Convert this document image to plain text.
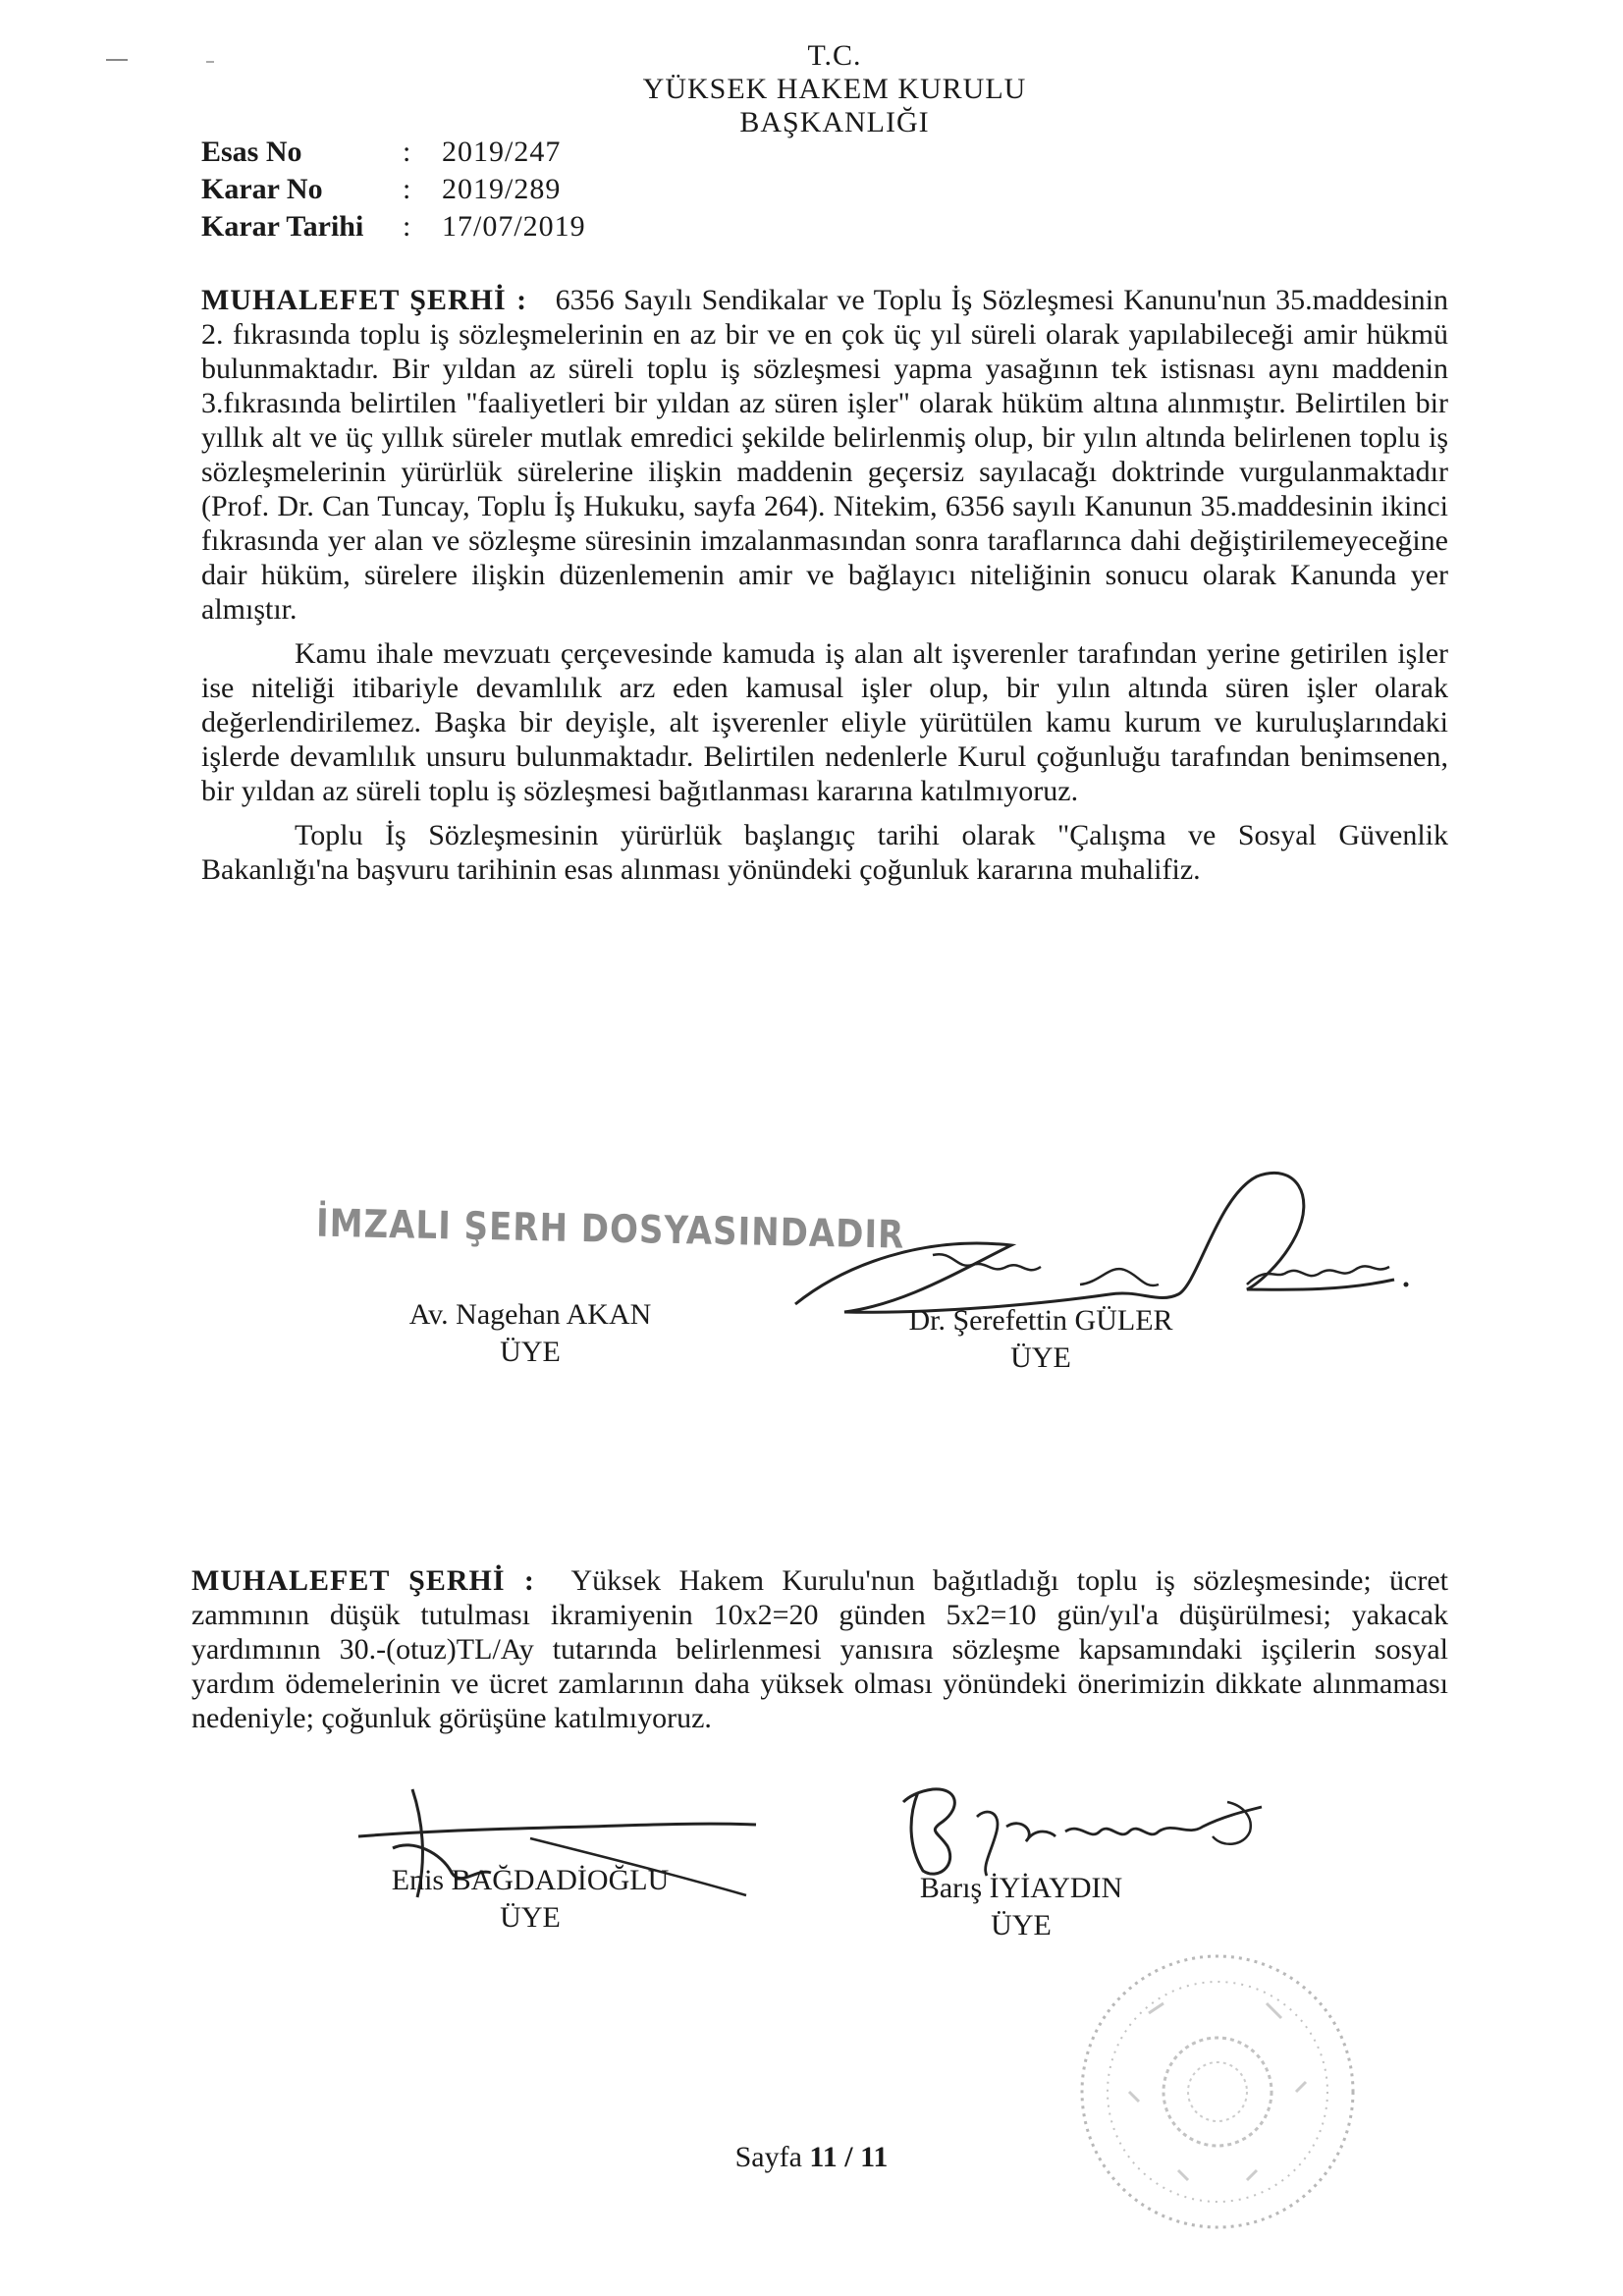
T.C.
YÜKSEK HAKEM KURULU
BAŞKANLIĞI
Esas No	:	2019/247
Karar No	:	2019/289
Karar Tarihi	:	17/07/2019

MUHALEFET ŞERHİ : 6356 Sayılı Sendikalar ve Toplu İş Sözleşmesi Kanunu'nun 35.maddesinin 2. fıkrasında toplu iş sözleşmelerinin en az bir ve en çok üç yıl süreli olarak yapılabileceği amir hükmü bulunmaktadır. Bir yıldan az süreli toplu iş sözleşmesi yapma yasağının tek istisnası aynı maddenin 3.fıkrasında belirtilen "faaliyetleri bir yıldan az süren işler" olarak hüküm altına alınmıştır. Belirtilen bir yıllık alt ve üç yıllık süreler mutlak emredici şekilde belirlenmiş olup, bir yılın altında belirlenen toplu iş sözleşmelerinin yürürlük sürelerine ilişkin maddenin geçersiz sayılacağı doktrinde vurgulanmaktadır (Prof. Dr. Can Tuncay, Toplu İş Hukuku, sayfa 264). Nitekim, 6356 sayılı Kanunun 35.maddesinin ikinci fıkrasında yer alan ve sözleşme süresinin imzalanmasından sonra taraflarınca dahi değiştirilemeyeceğine dair hüküm, sürelere ilişkin düzenlemenin amir ve bağlayıcı niteliğinin sonucu olarak Kanunda yer almıştır.

Kamu ihale mevzuatı çerçevesinde kamuda iş alan alt işverenler tarafından yerine getirilen işler ise niteliği itibariyle devamlılık arz eden kamusal işler olup, bir yılın altında süren işler olarak değerlendirilemez. Başka bir deyişle, alt işverenler eliyle yürütülen kamu kurum ve kuruluşlarındaki işlerde devamlılık unsuru bulunmaktadır. Belirtilen nedenlerle Kurul çoğunluğu tarafından benimsenen, bir yıldan az süreli toplu iş sözleşmesi bağıtlanması kararına katılmıyoruz.

Toplu İş Sözleşmesinin yürürlük başlangıç tarihi olarak "Çalışma ve Sosyal Güvenlik Bakanlığı'na başvuru tarihinin esas alınması yönündeki çoğunluk kararına muhalifiz.

İMZALI ŞERH DOSYASINDADIR
Av. Nagehan AKAN
ÜYE
Dr. Şerefettin GÜLER
ÜYE

MUHALEFET ŞERHİ : Yüksek Hakem Kurulu'nun bağıtladığı toplu iş sözleşmesinde; ücret zammının düşük tutulması ikramiyenin 10x2=20 günden 5x2=10 gün/yıl'a düşürülmesi; yakacak yardımının 30.-(otuz)TL/Ay tutarında belirlenmesi yanısıra sözleşme kapsamındaki işçilerin sosyal yardım ödemelerinin ve ücret zamlarının daha yüksek olması yönündeki önerimizin dikkate alınmaması nedeniyle; çoğunluk görüşüne katılmıyoruz.

Enis BAĞDADİOĞLU
ÜYE
Barış İYİAYDIN
ÜYE
Sayfa 11 / 11
